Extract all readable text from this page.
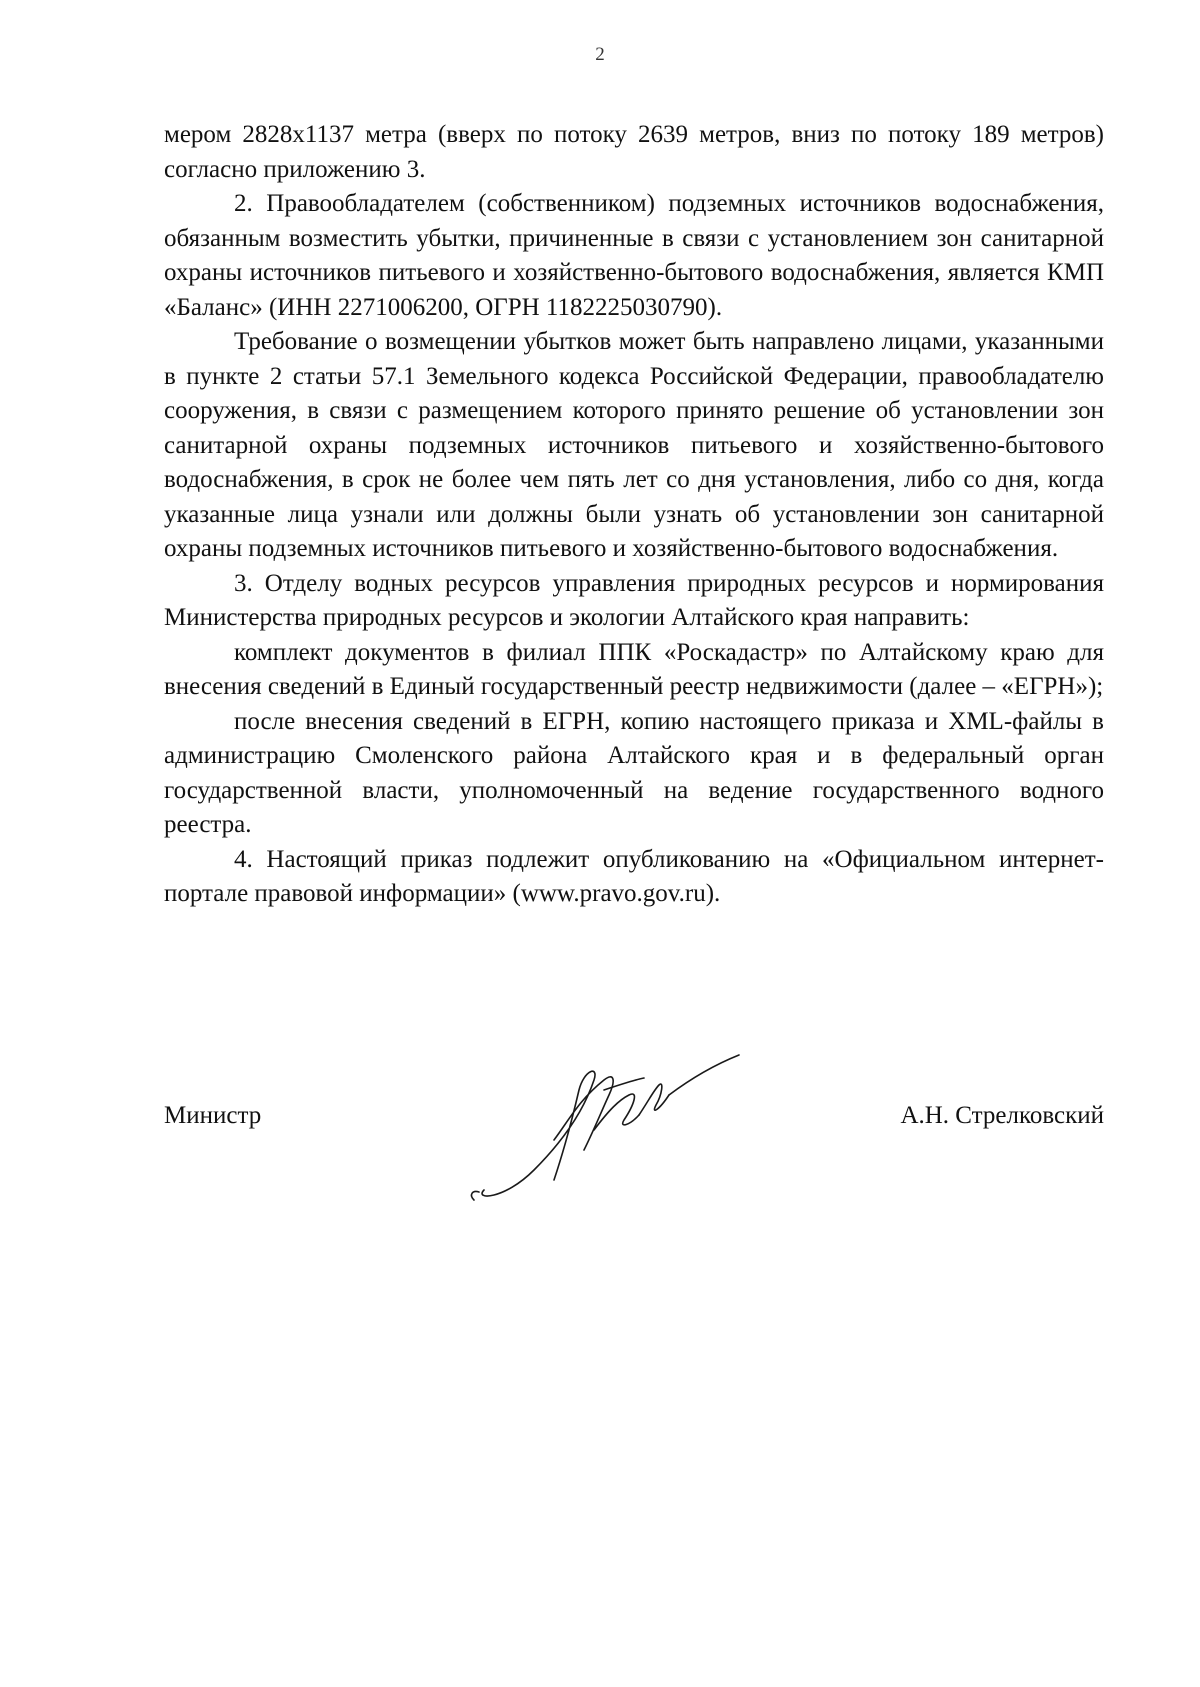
2

мером 2828х1137 метра (вверх по потоку 2639 метров, вниз по потоку 189 метров) согласно приложению 3.

2. Правообладателем (собственником) подземных источников водоснабжения, обязанным возместить убытки, причиненные в связи с установлением зон санитарной охраны источников питьевого и хозяйственно-бытового водоснабжения, является КМП «Баланс» (ИНН 2271006200, ОГРН 1182225030790).

Требование о возмещении убытков может быть направлено лицами, указанными в пункте 2 статьи 57.1 Земельного кодекса Российской Федерации, правообладателю сооружения, в связи с размещением которого принято решение об установлении зон санитарной охраны подземных источников питьевого и хозяйственно-бытового водоснабжения, в срок не более чем пять лет со дня установления, либо со дня, когда указанные лица узнали или должны были узнать об установлении зон санитарной охраны подземных источников питьевого и хозяйственно-бытового водоснабжения.

3. Отделу водных ресурсов управления природных ресурсов и нормирования Министерства природных ресурсов и экологии Алтайского края направить:

комплект документов в филиал ППК «Роскадастр» по Алтайскому краю для внесения сведений в Единый государственный реестр недвижимости (далее – «ЕГРН»);

после внесения сведений в ЕГРН, копию настоящего приказа и XML-файлы в администрацию Смоленского района Алтайского края и в федеральный орган государственной власти, уполномоченный на ведение государственного водного реестра.

4. Настоящий приказ подлежит опубликованию на «Официальном интернет-портале правовой информации» (www.pravo.gov.ru).

Министр	А.Н. Стрелковский
